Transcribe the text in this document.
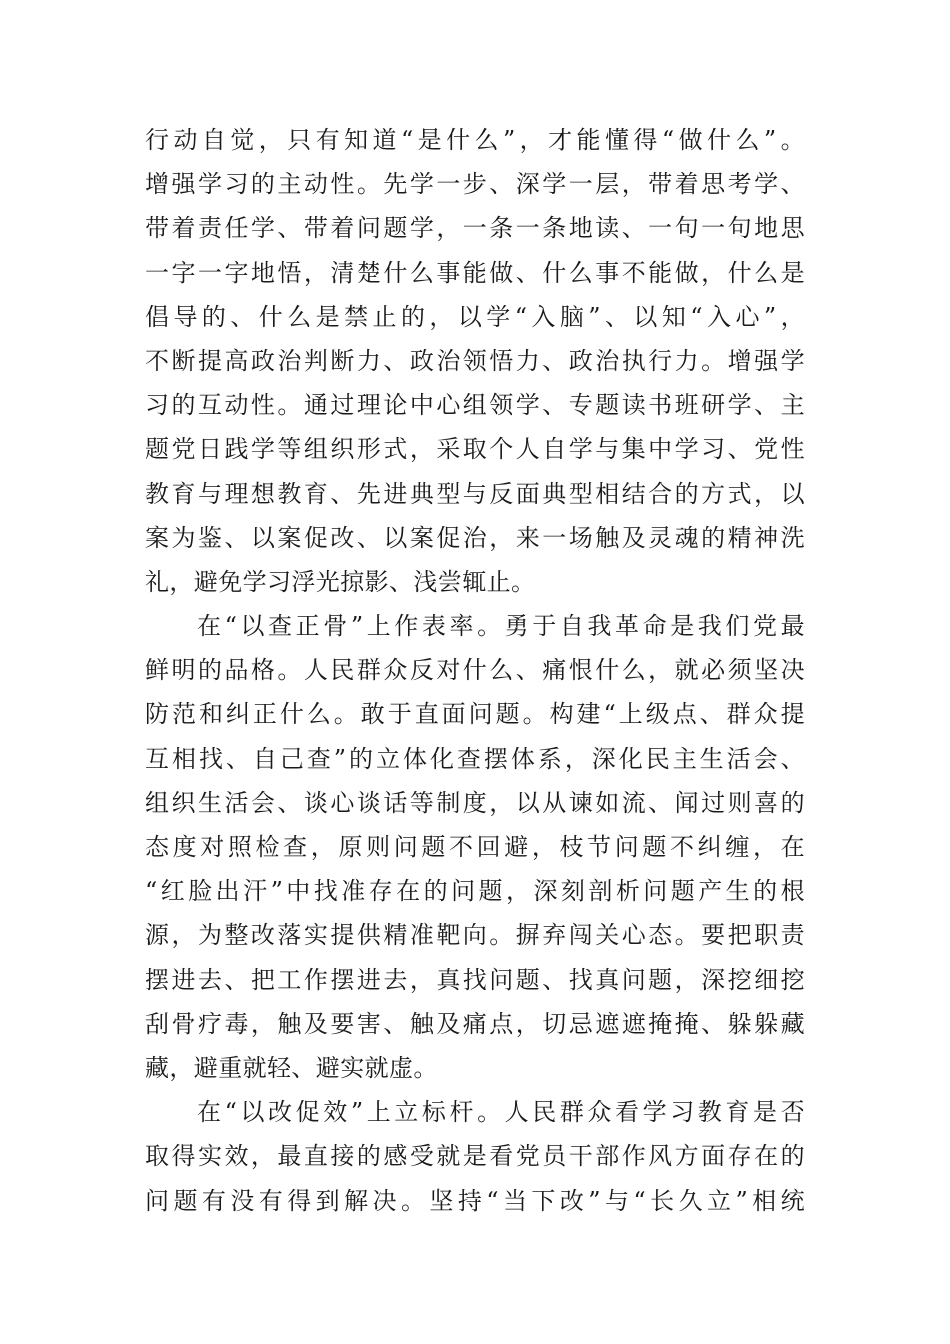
行动自觉，只有知道“是什么”，才能懂得“做什么”。
增强学习的主动性。先学一步、深学一层，带着思考学、
带着责任学、带着问题学，一条一条地读、一句一句地思
一字一字地悟，清楚什么事能做、什么事不能做，什么是
倡导的、什么是禁止的，以学“入脑”、以知“入心”，
不断提高政治判断力、政治领悟力、政治执行力。增强学
习的互动性。通过理论中心组领学、专题读书班研学、主
题党日践学等组织形式，采取个人自学与集中学习、党性
教育与理想教育、先进典型与反面典型相结合的方式，以
案为鉴、以案促改、以案促治，来一场触及灵魂的精神洗
礼，避免学习浮光掠影、浅尝辄止。
在“以查正骨”上作表率。勇于自我革命是我们党最
鲜明的品格。人民群众反对什么、痛恨什么，就必须坚决
防范和纠正什么。敢于直面问题。构建“上级点、群众提
互相找、自己查”的立体化查摆体系，深化民主生活会、
组织生活会、谈心谈话等制度，以从谏如流、闻过则喜的
态度对照检查，原则问题不回避，枝节问题不纠缠，在
“红脸出汗”中找准存在的问题，深刻剖析问题产生的根
源，为整改落实提供精准靶向。摒弃闯关心态。要把职责
摆进去、把工作摆进去，真找问题、找真问题，深挖细挖
刮骨疗毒，触及要害、触及痛点，切忌遮遮掩掩、躲躲藏
藏，避重就轻、避实就虚。
在“以改促效”上立标杆。人民群众看学习教育是否
取得实效，最直接的感受就是看党员干部作风方面存在的
问题有没有得到解决。坚持“当下改”与“长久立”相统
